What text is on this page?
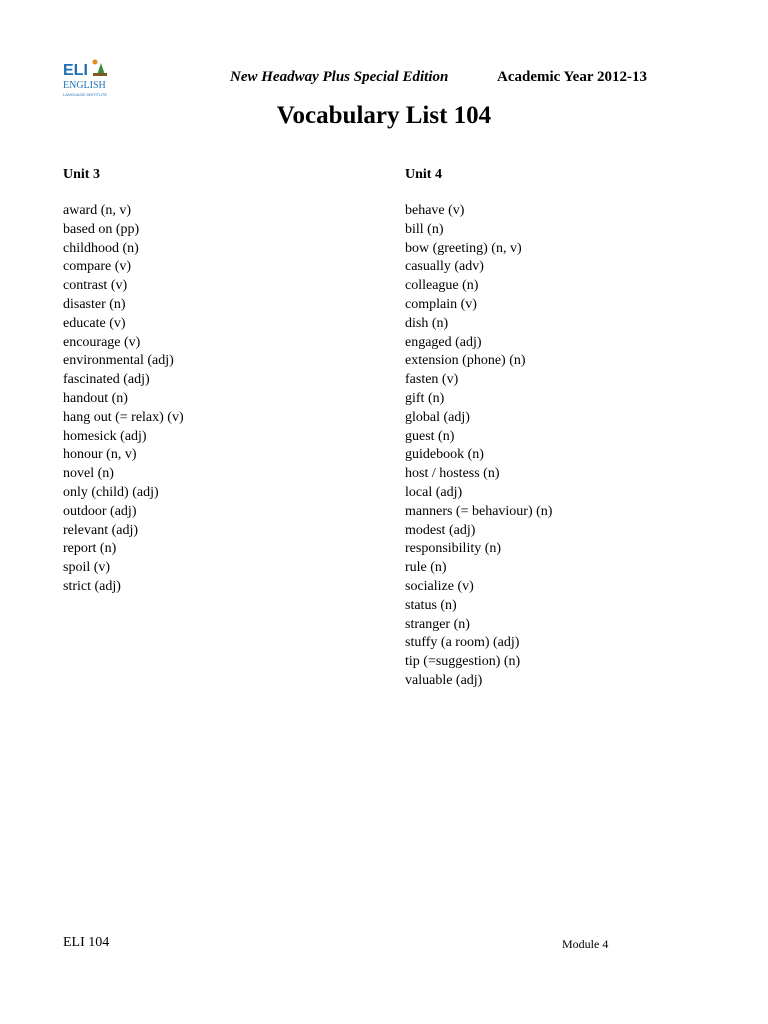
ELI
ENGLISH
LANGUAGE INSTITUTE
New Headway Plus Special Edition	Academic Year 2012-13
Vocabulary List 104
Unit 3
award (n, v)
based on (pp)
childhood (n)
compare (v)
contrast (v)
disaster (n)
educate (v)
encourage (v)
environmental (adj)
fascinated (adj)
handout (n)
hang out (= relax) (v)
homesick (adj)
honour (n, v)
novel (n)
only (child) (adj)
outdoor (adj)
relevant (adj)
report (n)
spoil (v)
strict (adj)
Unit 4
behave (v)
bill (n)
bow (greeting) (n, v)
casually (adv)
colleague (n)
complain (v)
dish (n)
engaged (adj)
extension (phone) (n)
fasten (v)
gift (n)
global (adj)
guest (n)
guidebook (n)
host / hostess (n)
local (adj)
manners (= behaviour) (n)
modest (adj)
responsibility (n)
rule (n)
socialize (v)
status (n)
stranger (n)
stuffy (a room) (adj)
tip (=suggestion) (n)
valuable (adj)
ELI 104	Module 4
